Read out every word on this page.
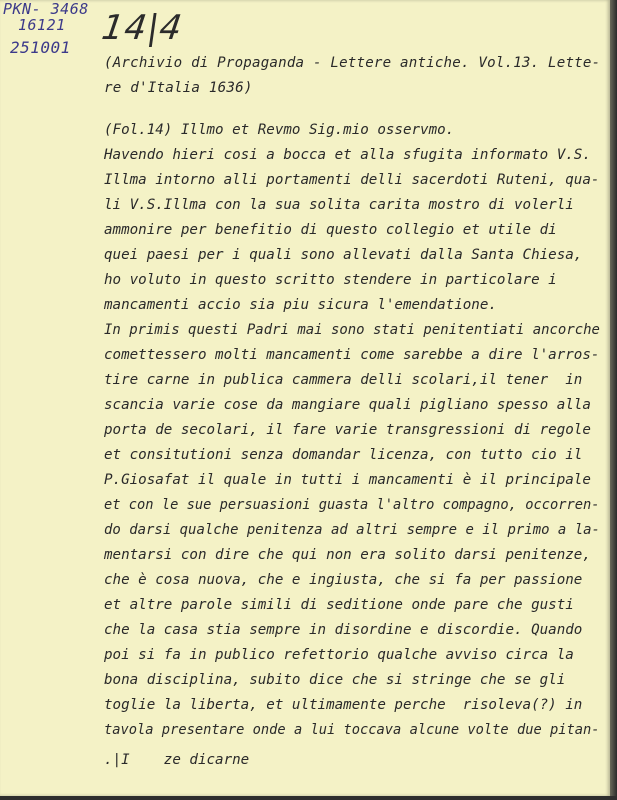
PKN- 3468
16121
251001 14|4
(Archivio di Propaganda - Lettere antiche. Vol.13. Lette-
re d'Italia 1636)
(Fol.14) Illmo et Revmo Sig.mio osservmo.
Havendo hieri cosi a bocca et alla sfugita informato V.S.
Illma intorno alli portamenti delli sacerdoti Ruteni, qua-
li V.S.Illma con la sua solita carita mostro di volerli
ammonire per benefitio di questo collegio et utile di
quei paesi per i quali sono allevati dalla Santa Chiesa,
ho voluto in questo scritto stendere in particolare i
mancamenti accio sia piu sicura l'emendatione.
In primis questi Padri mai sono stati penitentiati ancorche
comettessero molti mancamenti come sarebbe a dire l'arros-
tire carne in publica cammera delli scolari,il tener  in
scancia varie cose da mangiare quali pigliano spesso alla
porta de secolari, il fare varie transgressioni di regole
et consitutioni senza domandar licenza, con tutto cio il
P.Giosafat il quale in tutti i mancamenti è il principale
et con le sue persuasioni guasta l'altro compagno, occorren-
do darsi qualche penitenza ad altri sempre e il primo a la-
mentarsi con dire che qui non era solito darsi penitenze,
che è cosa nuova, che e ingiusta, che si fa per passione
et altre parole simili di seditione onde pare che gusti
che la casa stia sempre in disordine e discordie. Quando
poi si fa in publico refettorio qualche avviso circa la
bona disciplina, subito dice che si stringe che se gli
toglie la liberta, et ultimamente perche  risoleva(?) in
tavola presentare onde a lui toccava alcune volte due pitan-
.|I    ze dicarne
